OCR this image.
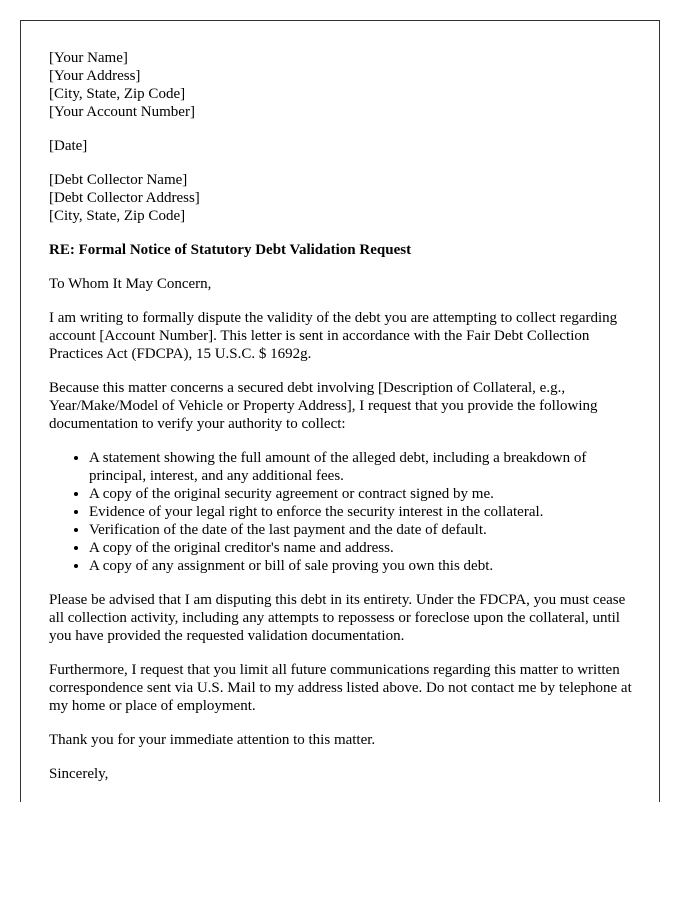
[Your Name]
[Your Address]
[City, State, Zip Code]
[Your Account Number]
[Date]
[Debt Collector Name]
[Debt Collector Address]
[City, State, Zip Code]
RE: Formal Notice of Statutory Debt Validation Request

To Whom It May Concern,

I am writing to formally dispute the validity of the debt you are attempting to collect regarding account [Account Number]. This letter is sent in accordance with the Fair Debt Collection Practices Act (FDCPA), 15 U.S.C. $ 1692g.

Because this matter concerns a secured debt involving [Description of Collateral, e.g., Year/Make/Model of Vehicle or Property Address], I request that you provide the following documentation to verify your authority to collect:

• A statement showing the full amount of the alleged debt, including a breakdown of principal, interest, and any additional fees.
• A copy of the original security agreement or contract signed by me.
• Evidence of your legal right to enforce the security interest in the collateral.
• Verification of the date of the last payment and the date of default.
• A copy of the original creditor's name and address.
• A copy of any assignment or bill of sale proving you own this debt.

Please be advised that I am disputing this debt in its entirety. Under the FDCPA, you must cease all collection activity, including any attempts to repossess or foreclose upon the collateral, until you have provided the requested validation documentation.

Furthermore, I request that you limit all future communications regarding this matter to written correspondence sent via U.S. Mail to my address listed above. Do not contact me by telephone at my home or place of employment.

Thank you for your immediate attention to this matter.

Sincerely,
